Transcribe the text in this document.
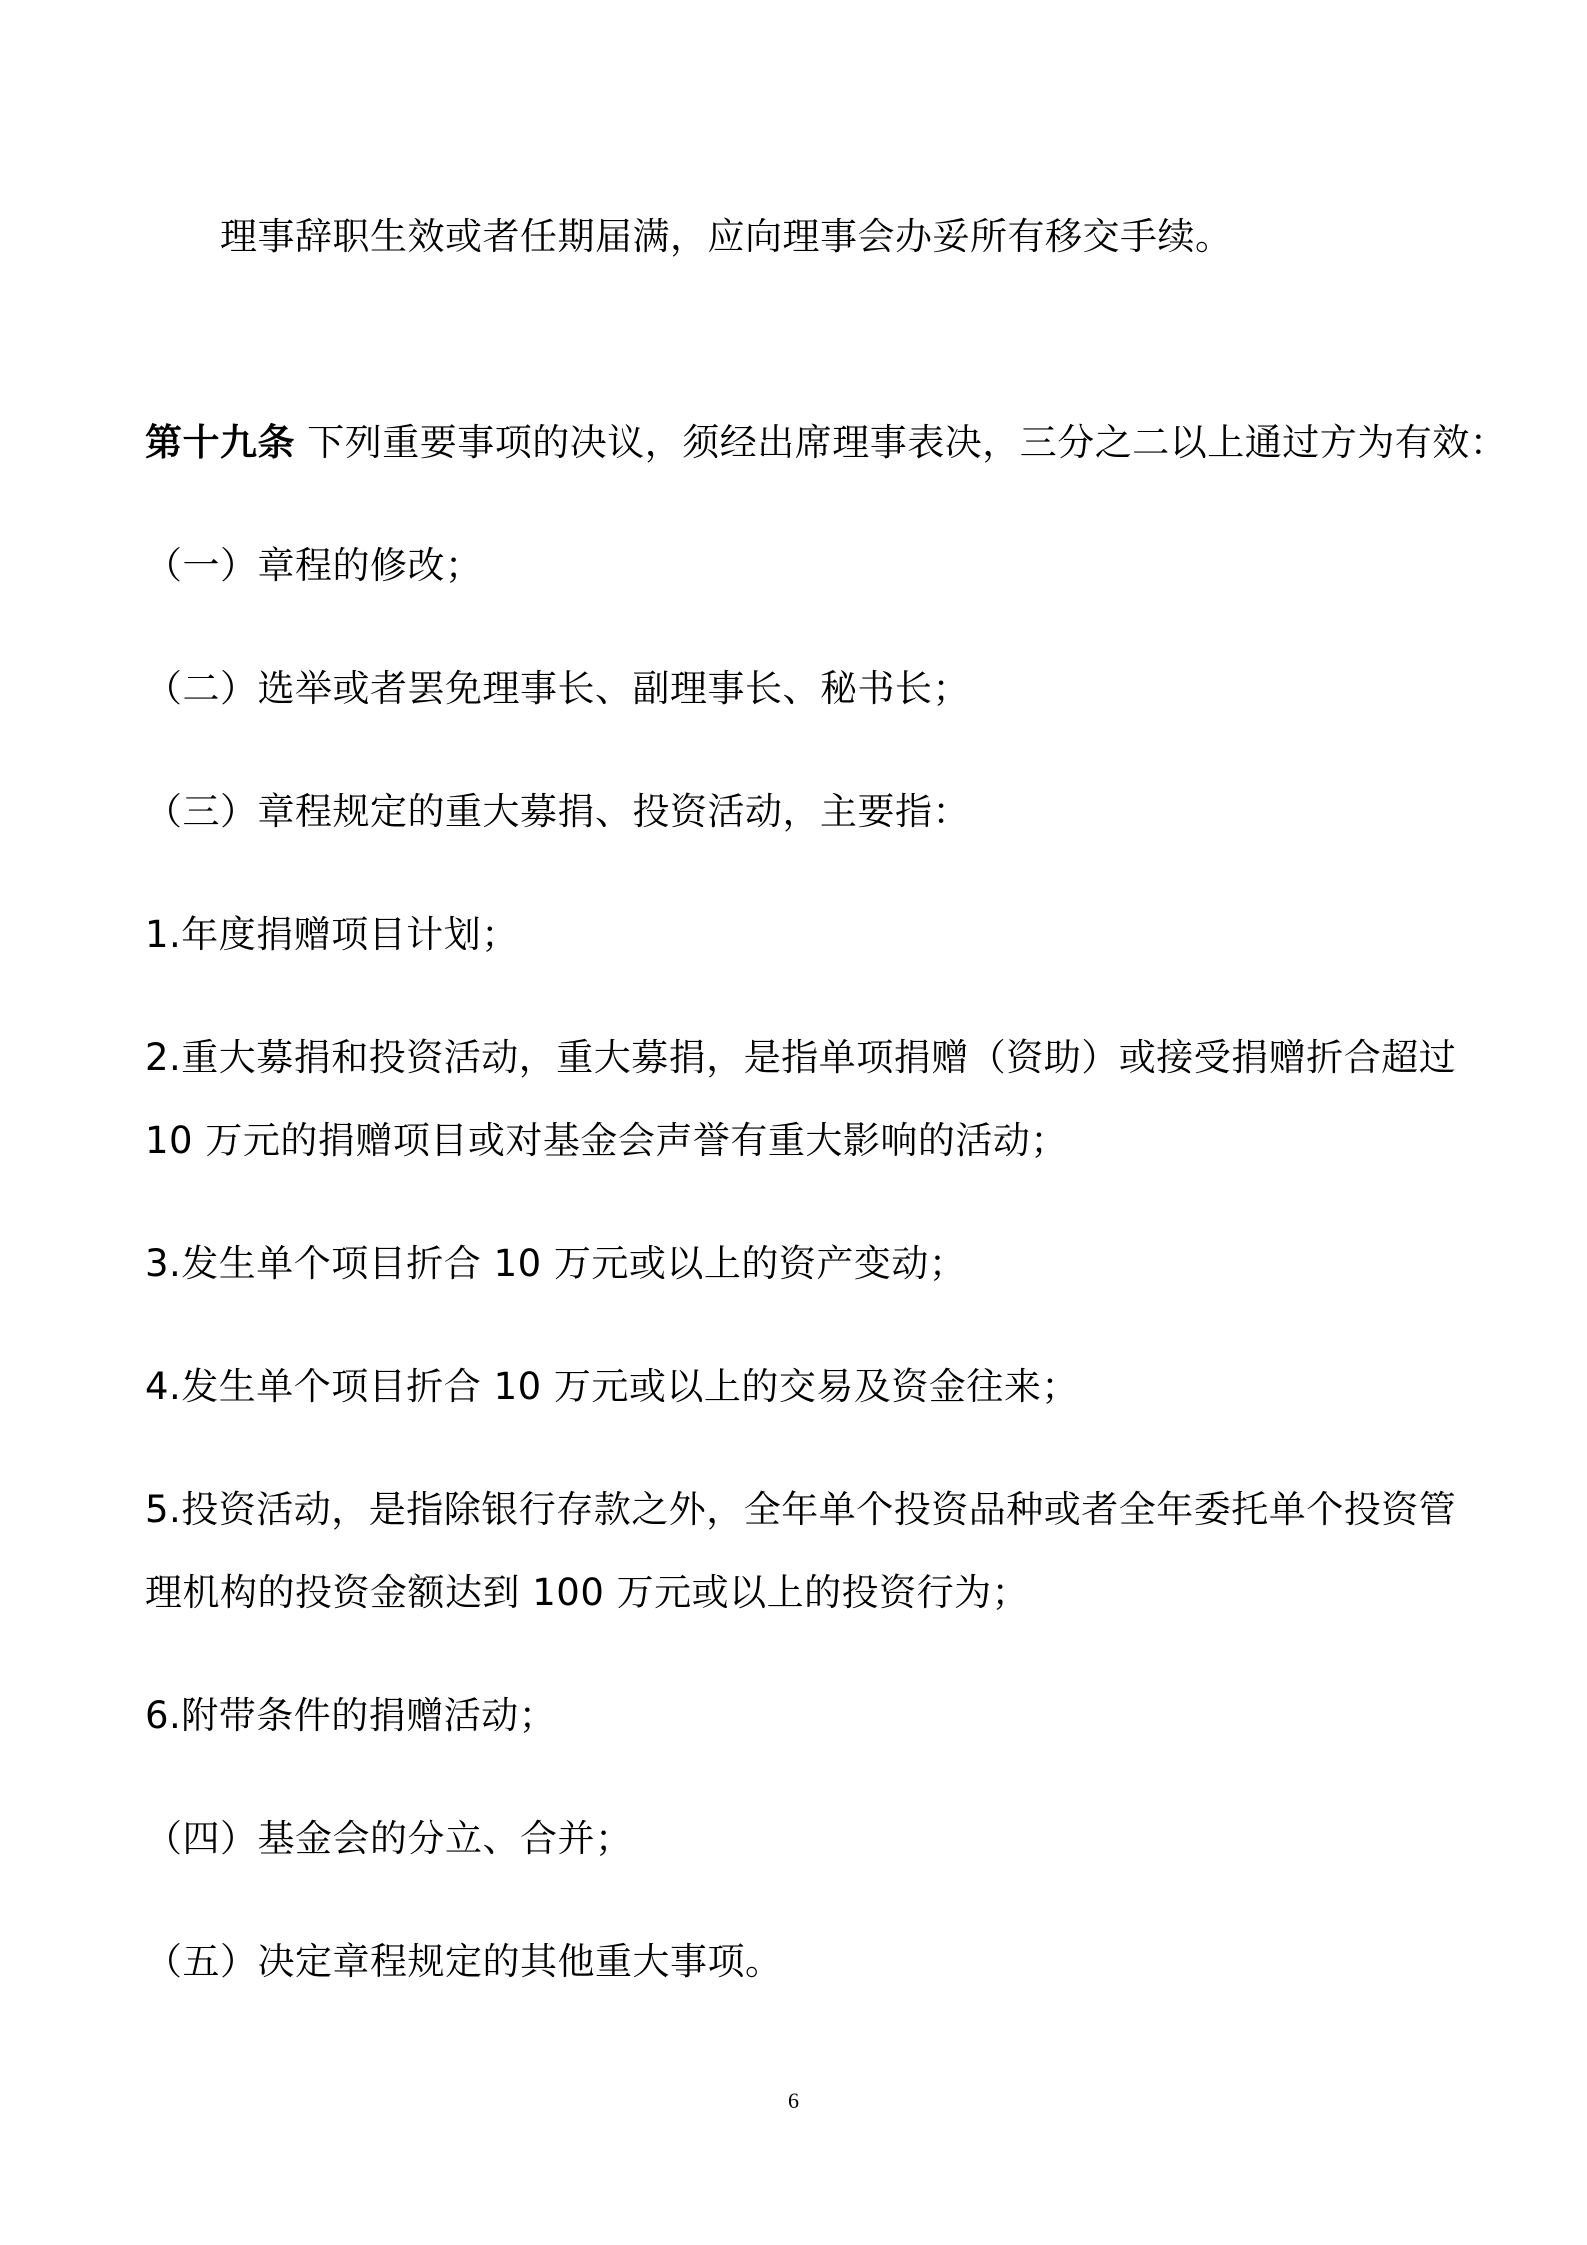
理事辞职生效或者任期届满，应向理事会办妥所有移交手续。
第十九条 下列重要事项的决议，须经出席理事表决，三分之二以上通过方为有效：
（一）章程的修改；
（二）选举或者罢免理事长、副理事长、秘书长；
（三）章程规定的重大募捐、投资活动，主要指：
1.年度捐赠项目计划；
2.重大募捐和投资活动，重大募捐，是指单项捐赠（资助）或接受捐赠折合超过
10 万元的捐赠项目或对基金会声誉有重大影响的活动；
3.发生单个项目折合 10 万元或以上的资产变动；
4.发生单个项目折合 10 万元或以上的交易及资金往来；
5.投资活动，是指除银行存款之外，全年单个投资品种或者全年委托单个投资管
理机构的投资金额达到 100 万元或以上的投资行为；
6.附带条件的捐赠活动；
（四）基金会的分立、合并；
（五）决定章程规定的其他重大事项。
6
